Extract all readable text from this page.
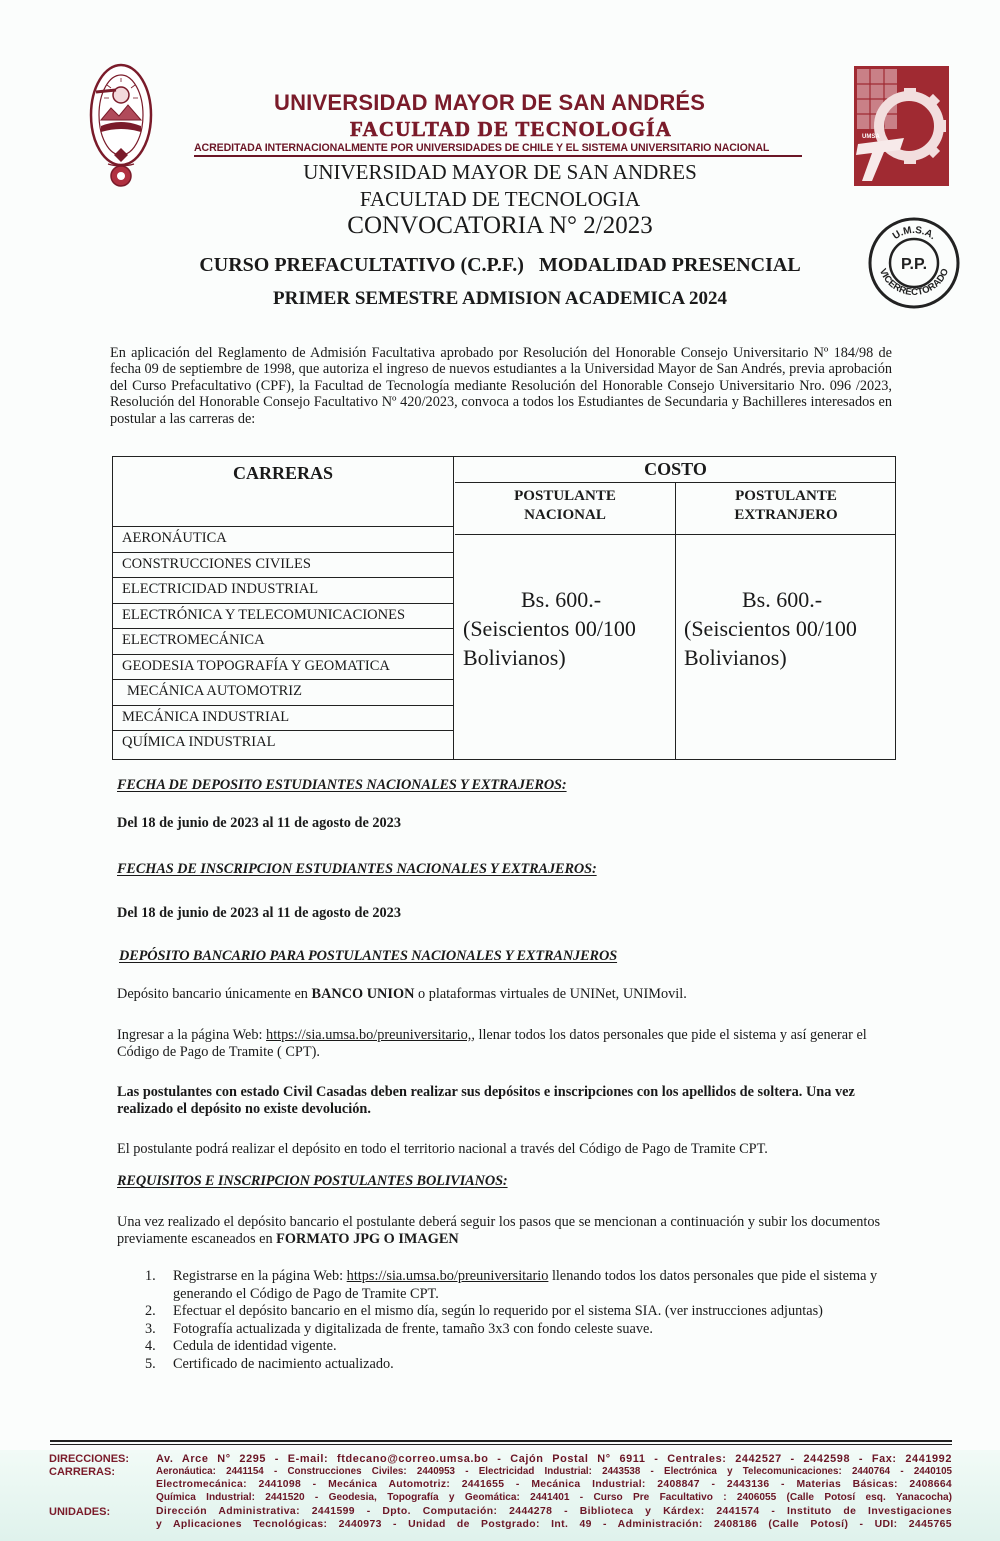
UMSA
P.P.
U.M.S.A.
VICERRECTORADO
UNIVERSIDAD MAYOR DE SAN ANDRÉS
FACULTAD DE TECNOLOGÍA
ACREDITADA INTERNACIONALMENTE POR UNIVERSIDADES DE CHILE Y EL SISTEMA UNIVERSITARIO NACIONAL
UNIVERSIDAD MAYOR DE SAN ANDRES
FACULTAD DE TECNOLOGIA
CONVOCATORIA N° 2/2023
CURSO PREFACULTATIVO (C.P.F.)   MODALIDAD PRESENCIAL
PRIMER SEMESTRE ADMISION ACADEMICA 2024

En aplicación del Reglamento de Admisión Facultativa aprobado por Resolución del Honorable Consejo Universitario Nº 184/98 de fecha 09 de septiembre de 1998, que autoriza el ingreso de nuevos estudiantes a la Universidad Mayor de San Andrés, previa aprobación del Curso Prefacultativo (CPF), la Facultad de Tecnología mediante Resolución del Honorable Consejo Universitario Nro. 096 /2023, Resolución del Honorable Consejo Facultativo Nº 420/2023, convoca a todos los Estudiantes de Secundaria y Bachilleres interesados en postular a las carreras de:

CARRERAS
AERONÁUTICA
CONSTRUCCIONES CIVILES
ELECTRICIDAD INDUSTRIAL
ELECTRÓNICA Y TELECOMUNICACIONES
ELECTROMECÁNICA
GEODESIA TOPOGRAFÍA Y GEOMATICA
MECÁNICA AUTOMOTRIZ
MECÁNICA INDUSTRIAL
QUÍMICA INDUSTRIAL
COSTO
POSTULANTE NACIONAL
POSTULANTE EXTRANJERO
Bs. 600.-
(Seiscientos 00/100
Bolivianos)
Bs. 600.-
(Seiscientos 00/100
Bolivianos)
FECHA DE DEPOSITO ESTUDIANTES NACIONALES Y EXTRAJEROS:
Del 18 de junio de 2023 al 11 de agosto de 2023
FECHAS DE INSCRIPCION ESTUDIANTES NACIONALES Y EXTRAJEROS:
Del 18 de junio de 2023 al 11 de agosto de 2023
DEPÓSITO BANCARIO PARA POSTULANTES NACIONALES Y EXTRANJEROS

Depósito bancario únicamente en BANCO UNION o plataformas virtuales de UNINet, UNIMovil.

Ingresar a la página Web: https://sia.umsa.bo/preuniversitario,, llenar todos los datos personales que pide el sistema y así generar el Código de Pago de Tramite ( CPT).

Las postulantes con estado Civil Casadas deben realizar sus depósitos e inscripciones con los apellidos de soltera. Una vez realizado el depósito no existe devolución.

El postulante podrá realizar el depósito en todo el territorio nacional a través del Código de Pago de Tramite CPT.

REQUISITOS E INSCRIPCION POSTULANTES BOLIVIANOS:

Una vez realizado el depósito bancario el postulante deberá seguir los pasos que se mencionan a continuación y subir los documentos previamente escaneados en FORMATO JPG O IMAGEN

1. Registrarse en la página Web: https://sia.umsa.bo/preuniversitario llenando todos los datos personales que pide el sistema y generando el Código de Pago de Tramite CPT.
2. Efectuar el depósito bancario en el mismo día, según lo requerido por el sistema SIA. (ver instrucciones adjuntas)
3. Fotografía actualizada y digitalizada de frente, tamaño 3x3 con fondo celeste suave.
4. Cedula de identidad vigente.
5. Certificado de nacimiento actualizado.
DIRECCIONES:
CARRERAS:
UNIDADES:
Av. Arce N° 2295 - E-mail: ftdecano@correo.umsa.bo - Cajón Postal N° 6911 - Centrales: 2442527 - 2442598 - Fax: 2441992
Aeronáutica: 2441154 - Construcciones Civiles: 2440953 - Electricidad Industrial: 2443538 - Electrónica y Telecomunicaciones: 2440764 - 2440105
Electromecánica: 2441098 - Mecánica Automotriz: 2441655 - Mecánica Industrial: 2408847 - 2443136 - Materias Básicas: 2408664
Química Industrial: 2441520 - Geodesia, Topografía y Geomática: 2441401 - Curso Pre Facultativo : 2406055 (Calle Potosí esq. Yanacocha)
Dirección Administrativa: 2441599 - Dpto. Computación: 2444278 - Biblioteca y Kárdex: 2441574 - Instituto de Investigaciones
y Aplicaciones Tecnológicas: 2440973 - Unidad de Postgrado: Int. 49 - Administración: 2408186 (Calle Potosí) - UDI: 2445765
